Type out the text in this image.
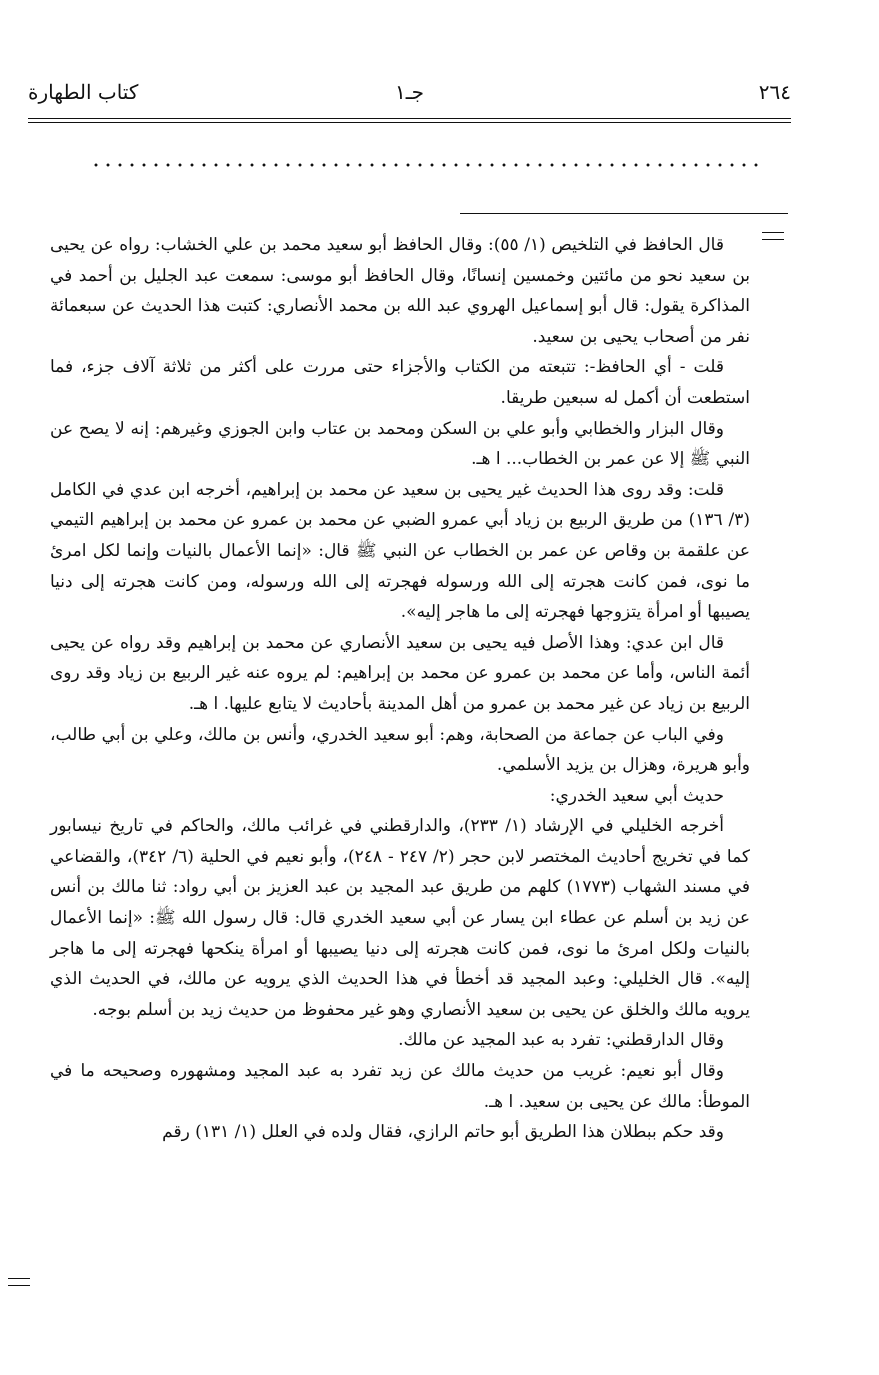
٢٦٤
جـ١
كتاب الطهارة

قال الحافظ في التلخيص (١/ ٥٥): وقال الحافظ أبو سعيد محمد بن علي الخشاب: رواه عن يحيى بن سعيد نحو من مائتين وخمسين إنسانًا، وقال الحافظ أبو موسى: سمعت عبد الجليل بن أحمد في المذاكرة يقول: قال أبو إسماعيل الهروي عبد الله بن محمد الأنصاري: كتبت هذا الحديث عن سبعمائة نفر من أصحاب يحيى بن سعيد.

قلت - أي الحافظ-: تتبعته من الكتاب والأجزاء حتى مررت على أكثر من ثلاثة آلاف جزء، فما استطعت أن أكمل له سبعين طريقا.

وقال البزار والخطابي وأبو علي بن السكن ومحمد بن عتاب وابن الجوزي وغيرهم: إنه لا يصح عن النبي ﷺ إلا عن عمر بن الخطاب... ا هـ.

قلت: وقد روى هذا الحديث غير يحيى بن سعيد عن محمد بن إبراهيم، أخرجه ابن عدي في الكامل (٣/ ١٣٦) من طريق الربيع بن زياد أبي عمرو الضبي عن محمد بن عمرو عن محمد بن إبراهيم التيمي عن علقمة بن وقاص عن عمر بن الخطاب عن النبي ﷺ قال: «إنما الأعمال بالنيات وإنما لكل امرئ ما نوى، فمن كانت هجرته إلى الله ورسوله فهجرته إلى الله ورسوله، ومن كانت هجرته إلى دنيا يصيبها أو امرأة يتزوجها فهجرته إلى ما هاجر إليه».

قال ابن عدي: وهذا الأصل فيه يحيى بن سعيد الأنصاري عن محمد بن إبراهيم وقد رواه عن يحيى أئمة الناس، وأما عن محمد بن عمرو عن محمد بن إبراهيم: لم يروه عنه غير الربيع بن زياد وقد روى الربيع بن زياد عن غير محمد بن عمرو من أهل المدينة بأحاديث لا يتابع عليها. ا هـ.

وفي الباب عن جماعة من الصحابة، وهم: أبو سعيد الخدري، وأنس بن مالك، وعلي بن أبي طالب، وأبو هريرة، وهزال بن يزيد الأسلمي.

حديث أبي سعيد الخدري:

أخرجه الخليلي في الإرشاد (١/ ٢٣٣)، والدارقطني في غرائب مالك، والحاكم في تاريخ نيسابور كما في تخريج أحاديث المختصر لابن حجر (٢/ ٢٤٧ - ٢٤٨)، وأبو نعيم في الحلية (٦/ ٣٤٢)، والقضاعي في مسند الشهاب (١٧٧٣) كلهم من طريق عبد المجيد بن عبد العزيز بن أبي رواد: ثنا مالك بن أنس عن زيد بن أسلم عن عطاء ابن يسار عن أبي سعيد الخدري قال: قال رسول الله ﷺ: «إنما الأعمال بالنيات ولكل امرئ ما نوى، فمن كانت هجرته إلى دنيا يصيبها أو امرأة ينكحها فهجرته إلى ما هاجر إليه». قال الخليلي: وعبد المجيد قد أخطأ في هذا الحديث الذي يرويه عن مالك، في الحديث الذي يرويه مالك والخلق عن يحيى بن سعيد الأنصاري وهو غير محفوظ من حديث زيد بن أسلم بوجه.

وقال الدارقطني: تفرد به عبد المجيد عن مالك.

وقال أبو نعيم: غريب من حديث مالك عن زيد تفرد به عبد المجيد ومشهوره وصحيحه ما في الموطأ: مالك عن يحيى بن سعيد. ا هـ.

وقد حكم ببطلان هذا الطريق أبو حاتم الرازي، فقال ولده في العلل (١/ ١٣١) رقم
